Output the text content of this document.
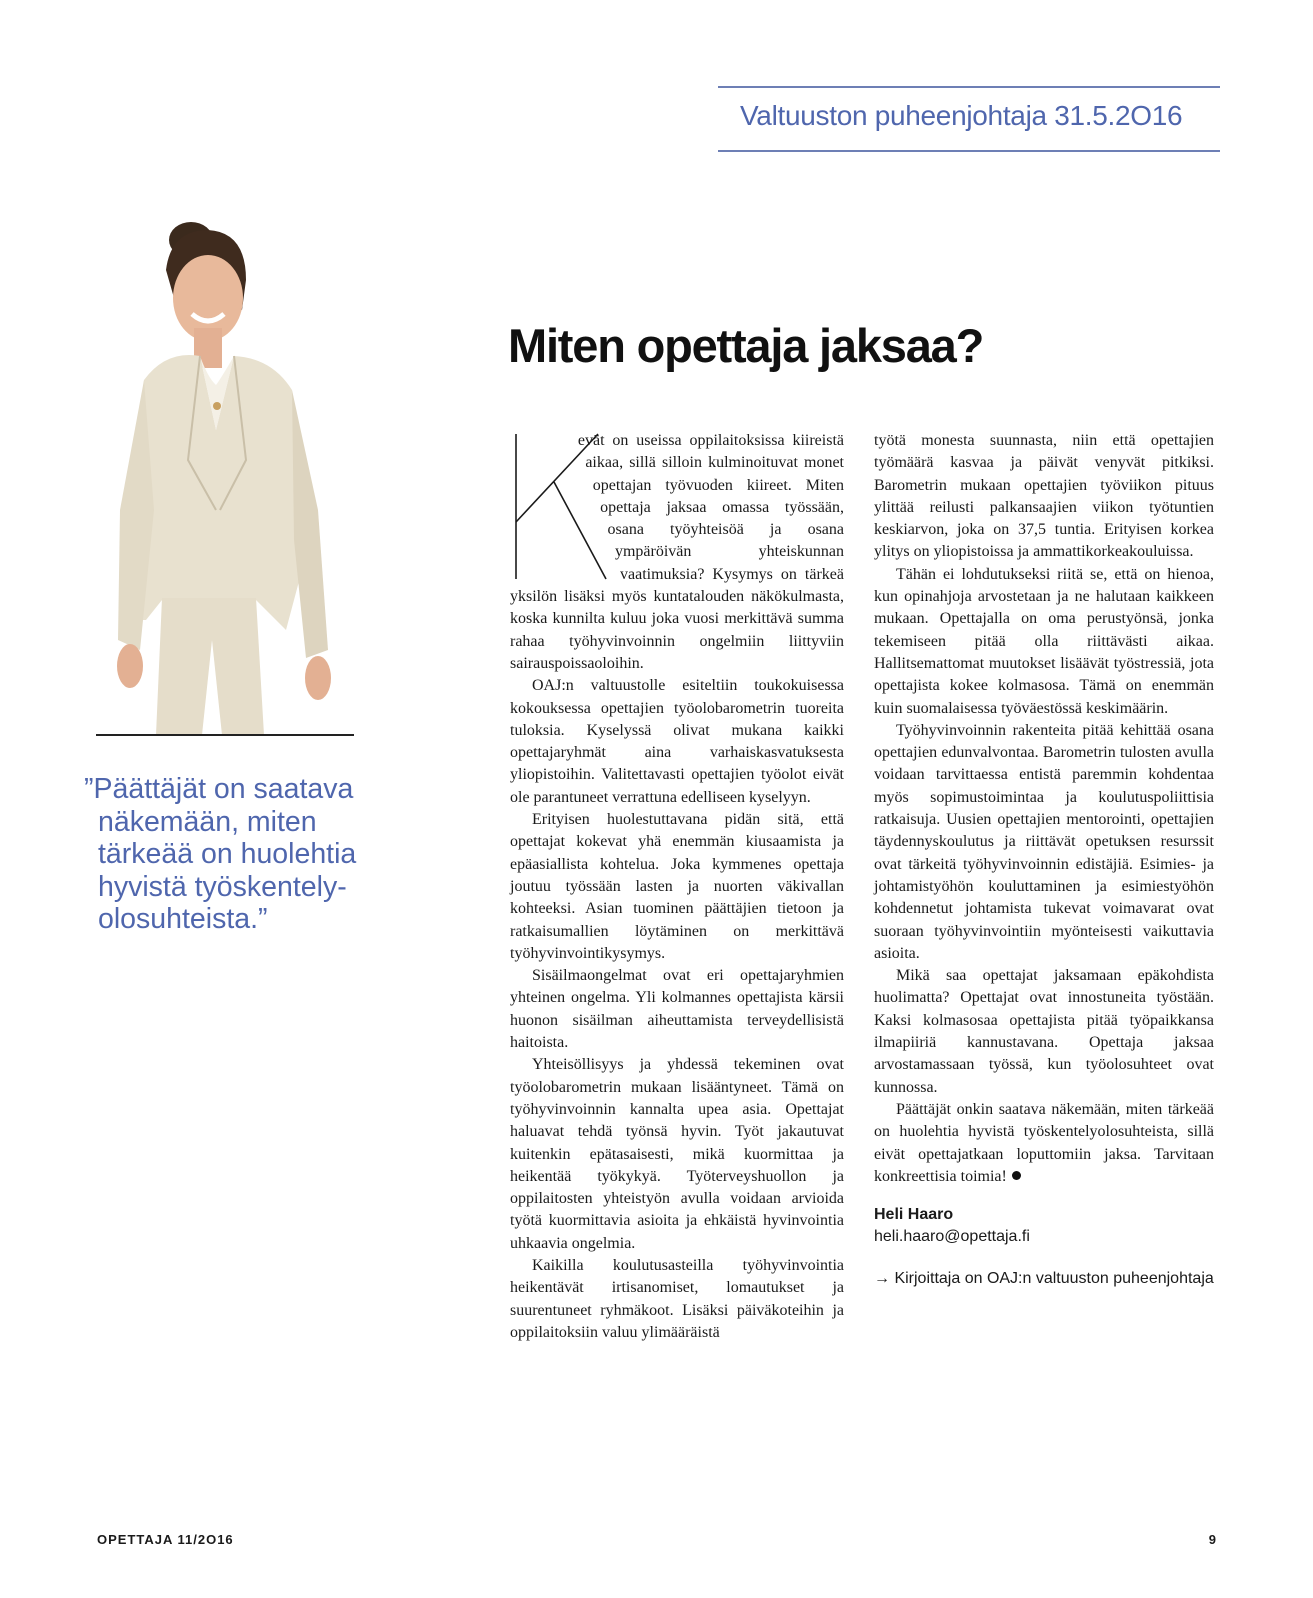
Valtuuston puheenjohtaja 31.5.2O16

”Päättäjät on saatava näkemään, miten tärkeää on huolehtia hyvistä työskentely-olosuhteista.”

Miten opettaja jaksaa?
K

evät on useissa oppilaitoksissa kiireistä aikaa, sillä silloin kulminoituvat monet opettajan työvuoden kiireet. Miten opettaja jaksaa omassa työssään, osana työyhteisöä ja osana ympäröivän yhteiskunnan vaatimuksia? Kysymys on tärkeä yksilön lisäksi myös kuntatalouden näkökulmasta, koska kunnilta kuluu joka vuosi merkittävä summa rahaa työhyvinvoinnin ongelmiin liittyviin sairauspoissaoloihin.

OAJ:n valtuustolle esiteltiin toukokuisessa kokouksessa opettajien työolobarometrin tuoreita tuloksia. Kyselyssä olivat mukana kaikki opettajaryhmät aina varhaiskasvatuksesta yliopistoihin. Valitettavasti opettajien työolot eivät ole parantuneet verrattuna edelliseen kyselyyn.

Erityisen huolestuttavana pidän sitä, että opettajat kokevat yhä enemmän kiusaamista ja epäasiallista kohtelua. Joka kymmenes opettaja joutuu työssään lasten ja nuorten väkivallan kohteeksi. Asian tuominen päättäjien tietoon ja ratkaisumallien löytäminen on merkittävä työhyvinvointikysymys.

Sisäilmaongelmat ovat eri opettajaryhmien yhteinen ongelma. Yli kolmannes opettajista kärsii huonon sisäilman aiheuttamista terveydellisistä haitoista.

Yhteisöllisyys ja yhdessä tekeminen ovat työolobarometrin mukaan lisääntyneet. Tämä on työhyvinvoinnin kannalta upea asia. Opettajat haluavat tehdä työnsä hyvin. Työt jakautuvat kuitenkin epätasaisesti, mikä kuormittaa ja heikentää työkykyä. Työterveyshuollon ja oppilaitosten yhteistyön avulla voidaan arvioida työtä kuormittavia asioita ja ehkäistä hyvinvointia uhkaavia ongelmia.

Kaikilla koulutusasteilla työhyvinvointia heikentävät irtisanomiset, lomautukset ja suurentuneet ryhmäkoot. Lisäksi päiväkoteihin ja oppilaitoksiin valuu ylimääräistä

työtä monesta suunnasta, niin että opettajien työmäärä kasvaa ja päivät venyvät pitkiksi. Barometrin mukaan opettajien työviikon pituus ylittää reilusti palkansaajien viikon työtuntien keskiarvon, joka on 37,5 tuntia. Erityisen korkea ylitys on yliopistoissa ja ammattikorkeakouluissa.

Tähän ei lohdutukseksi riitä se, että on hienoa, kun opinahjoja arvostetaan ja ne halutaan kaikkeen mukaan. Opettajalla on oma perustyönsä, jonka tekemiseen pitää olla riittävästi aikaa. Hallitsemattomat muutokset lisäävät työstressiä, jota opettajista kokee kolmasosa. Tämä on enemmän kuin suomalaisessa työväestössä keskimäärin.

Työhyvinvoinnin rakenteita pitää kehittää osana opettajien edunvalvontaa. Barometrin tulosten avulla voidaan tarvittaessa entistä paremmin kohdentaa myös sopimustoimintaa ja koulutuspoliittisia ratkaisuja. Uusien opettajien mentorointi, opettajien täydennyskoulutus ja riittävät opetuksen resurssit ovat tärkeitä työhyvinvoinnin edistäjiä. Esimies- ja johtamistyöhön kouluttaminen ja esimiestyöhön kohdennetut johtamista tukevat voimavarat ovat suoraan työhyvinvointiin myönteisesti vaikuttavia asioita.

Mikä saa opettajat jaksamaan epäkohdista huolimatta? Opettajat ovat innostuneita työstään. Kaksi kolmasosaa opettajista pitää työpaikkansa ilmapiiriä kannustavana. Opettaja jaksaa arvostamassaan työssä, kun työolosuhteet ovat kunnossa.

Päättäjät onkin saatava näkemään, miten tärkeää on huolehtia hyvistä työskentelyolosuhteista, sillä eivät opettajatkaan loputtomiin jaksa. Tarvitaan konkreettisia toimia!

Heli Haaro
heli.haaro@opettaja.fi
→ Kirjoittaja on OAJ:n valtuuston puheenjohtaja
OPETTAJA 11/2O16	9
